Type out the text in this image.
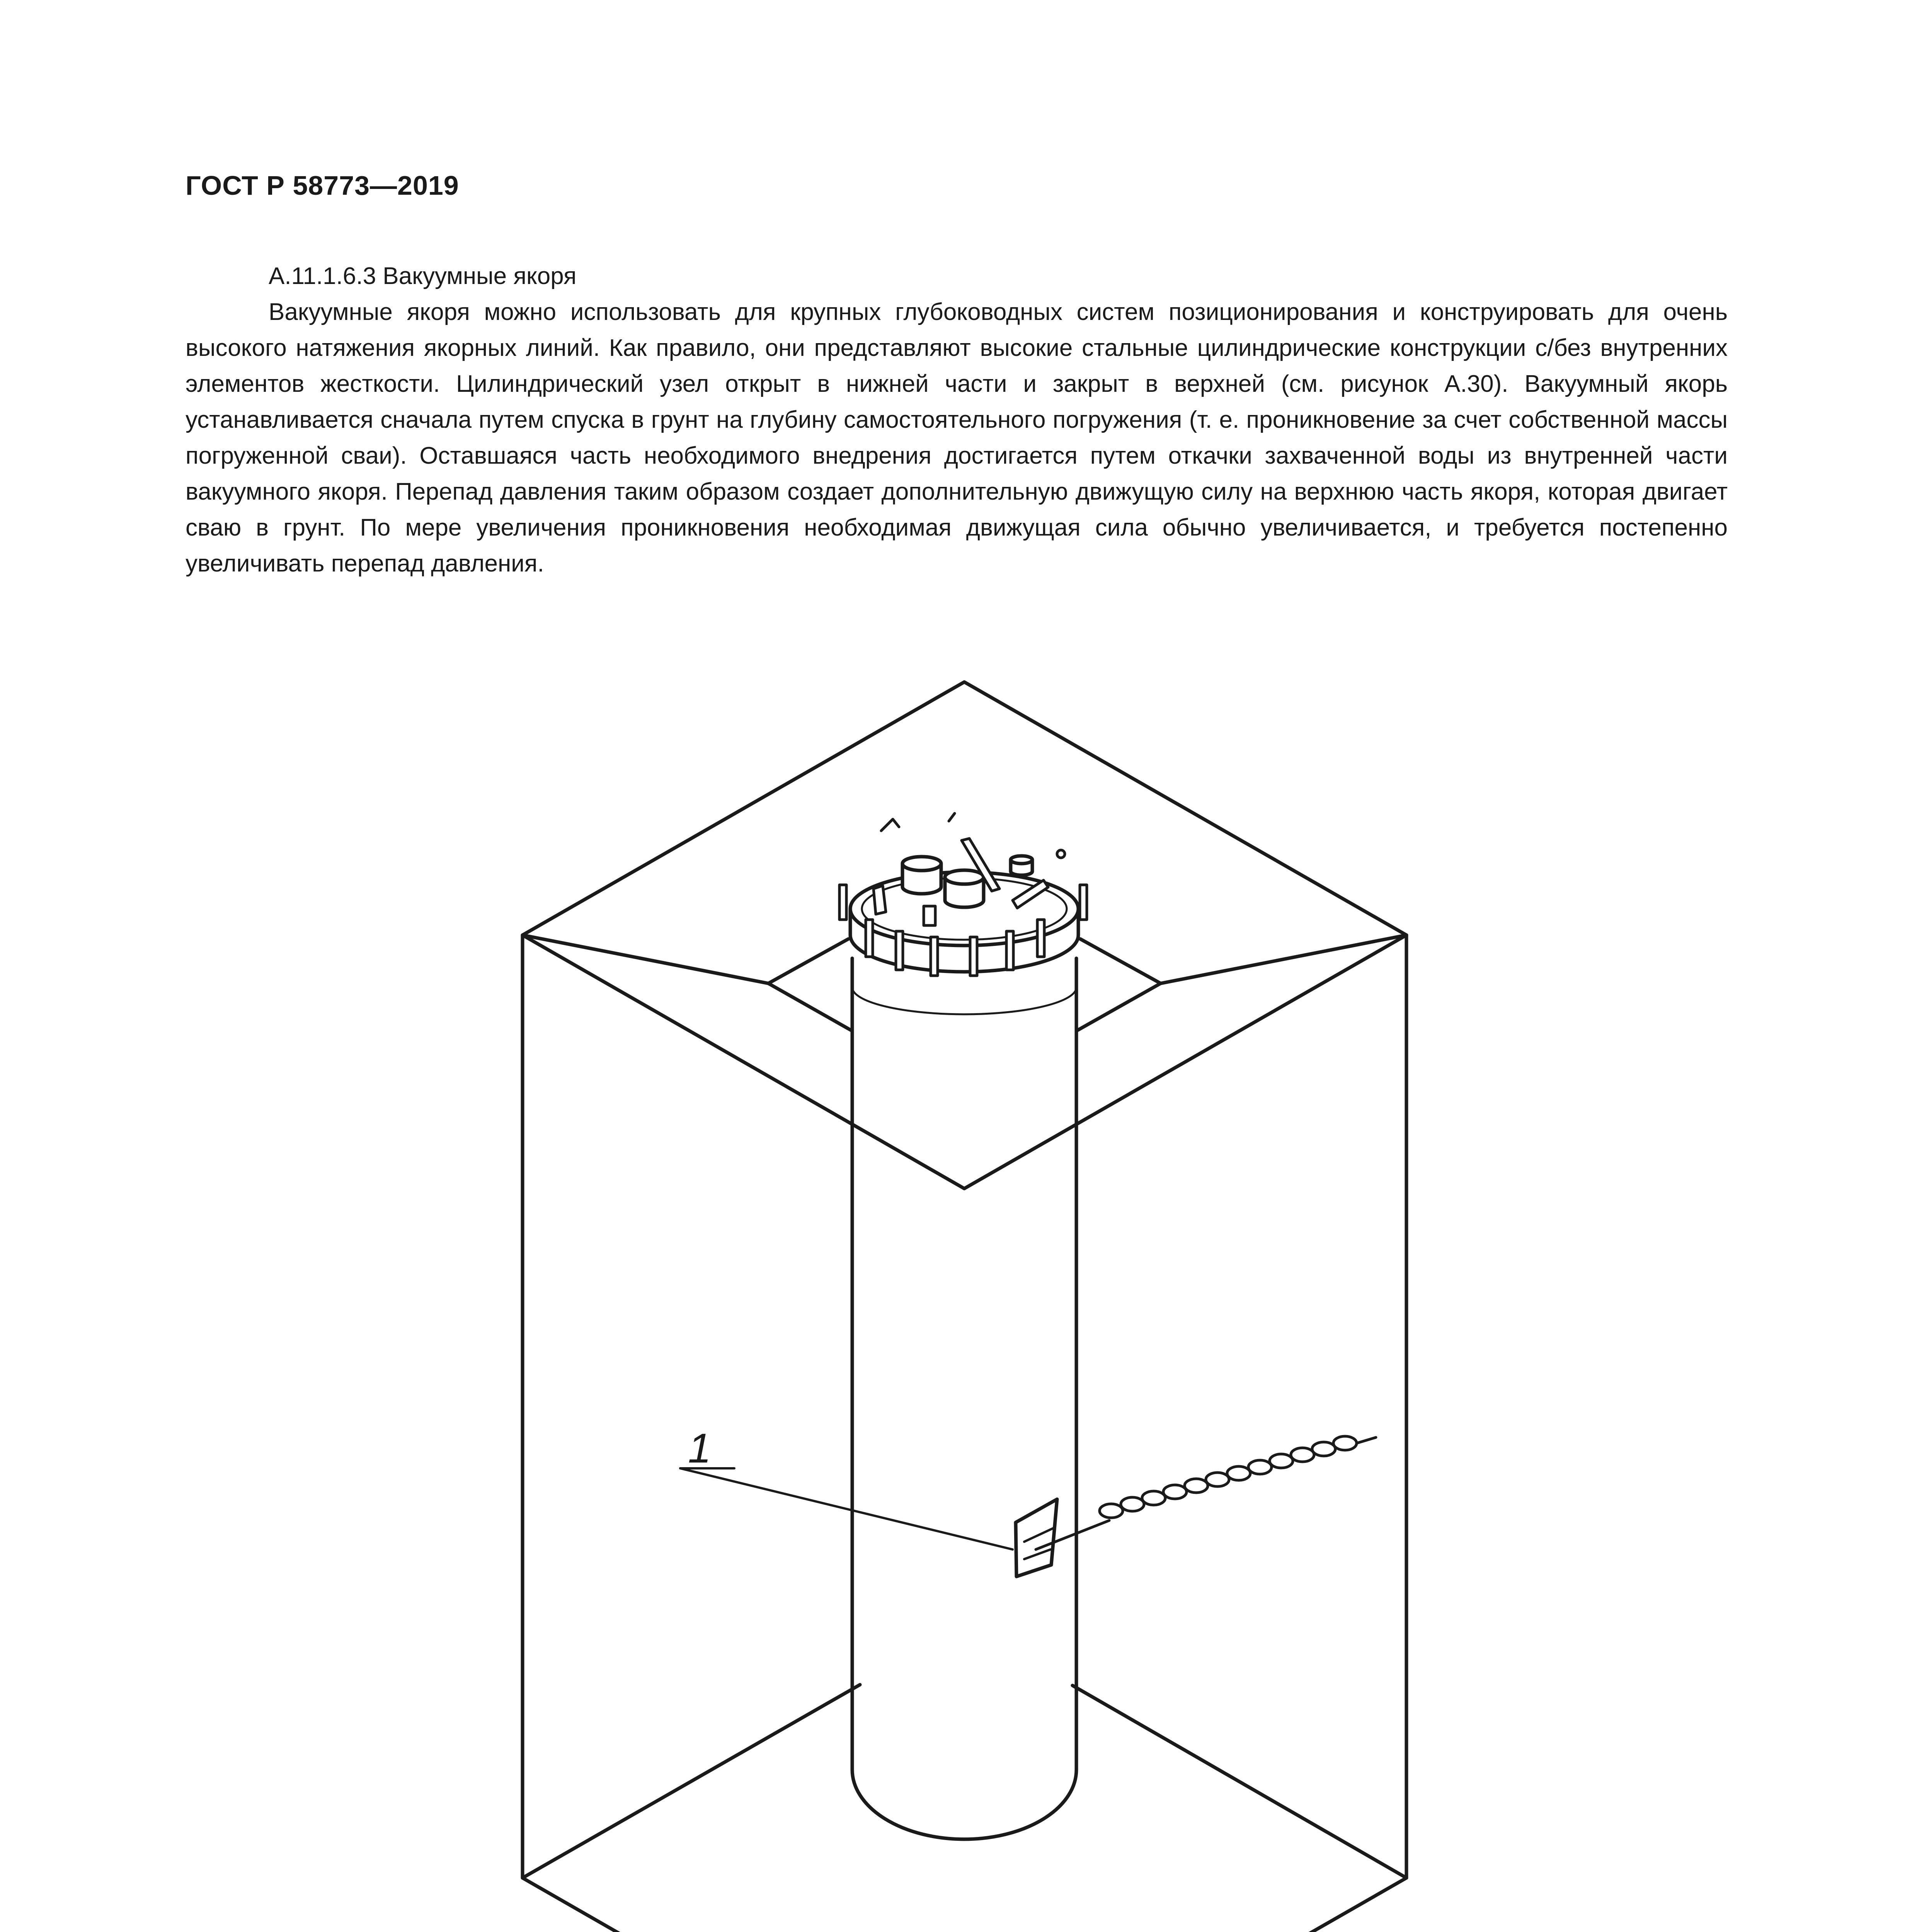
ГОСТ Р 58773—2019

А.11.1.6.3 Вакуумные якоря

Вакуумные якоря можно использовать для крупных глубоководных систем позиционирования и конструировать для очень высокого натяжения якорных линий. Как правило, они представляют высокие стальные цилиндрические конструкции с/без внутренних элементов жесткости. Цилиндрический узел открыт в нижней части и закрыт в верхней (см. рисунок А.30). Вакуумный якорь устанавливается сначала путем спуска в грунт на глубину самостоятельного погружения (т. е. проникновение за счет собственной массы погруженной сваи). Оставшаяся часть необходимого внедрения достигается путем откачки захваченной воды из внутренней части вакуумного якоря. Перепад давления таким образом создает дополнительную движущую силу на верхнюю часть якоря, которая двигает сваю в грунт. По мере увеличения проникновения необходимая движущая сила обычно увеличивается, и требуется постепенно увеличивать перепад давления.

1
